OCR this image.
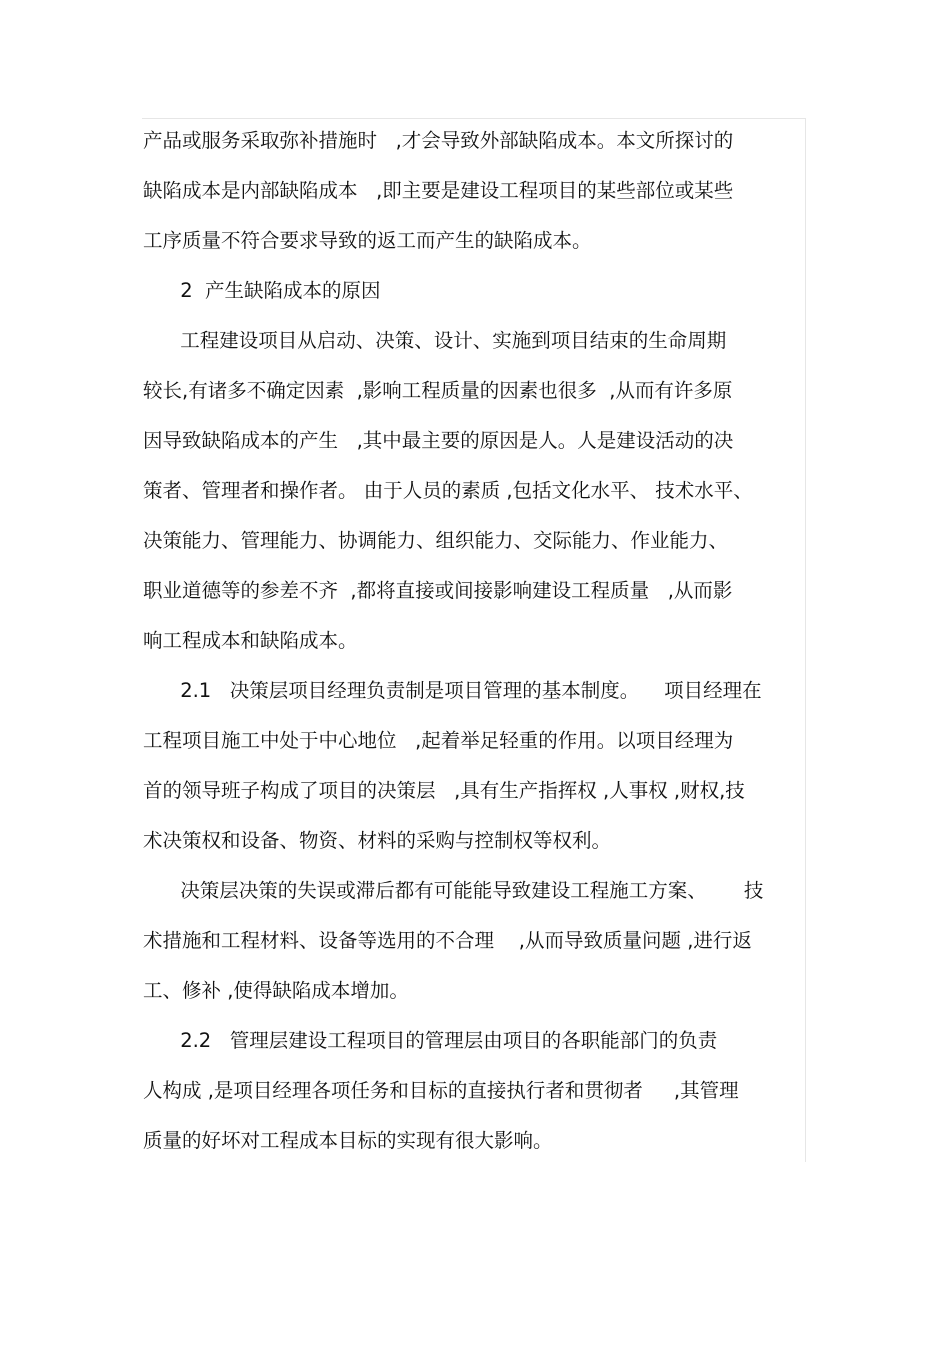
产品或服务采取弥补措施时   ,才会导致外部缺陷成本。本文所探讨的
缺陷成本是内部缺陷成本   ,即主要是建设工程项目的某些部位或某些
工序质量不符合要求导致的返工而产生的缺陷成本。
2  产生缺陷成本的原因
工程建设项目从启动、决策、设计、实施到项目结束的生命周期
较长,有诸多不确定因素  ,影响工程质量的因素也很多  ,从而有许多原
因导致缺陷成本的产生   ,其中最主要的原因是人。人是建设活动的决
策者、管理者和操作者。 由于人员的素质 ,包括文化水平、 技术水平、
决策能力、管理能力、协调能力、组织能力、交际能力、作业能力、
职业道德等的参差不齐  ,都将直接或间接影响建设工程质量   ,从而影
响工程成本和缺陷成本。
2.1   决策层项目经理负责制是项目管理的基本制度。    项目经理在
工程项目施工中处于中心地位   ,起着举足轻重的作用。以项目经理为
首的领导班子构成了项目的决策层   ,具有生产指挥权 ,人事权 ,财权,技
术决策权和设备、物资、材料的采购与控制权等权利。
决策层决策的失误或滞后都有可能能导致建设工程施工方案、      技
术措施和工程材料、设备等选用的不合理    ,从而导致质量问题 ,进行返
工、修补 ,使得缺陷成本增加。
2.2   管理层建设工程项目的管理层由项目的各职能部门的负责
人构成 ,是项目经理各项任务和目标的直接执行者和贯彻者     ,其管理
质量的好坏对工程成本目标的实现有很大影响。
